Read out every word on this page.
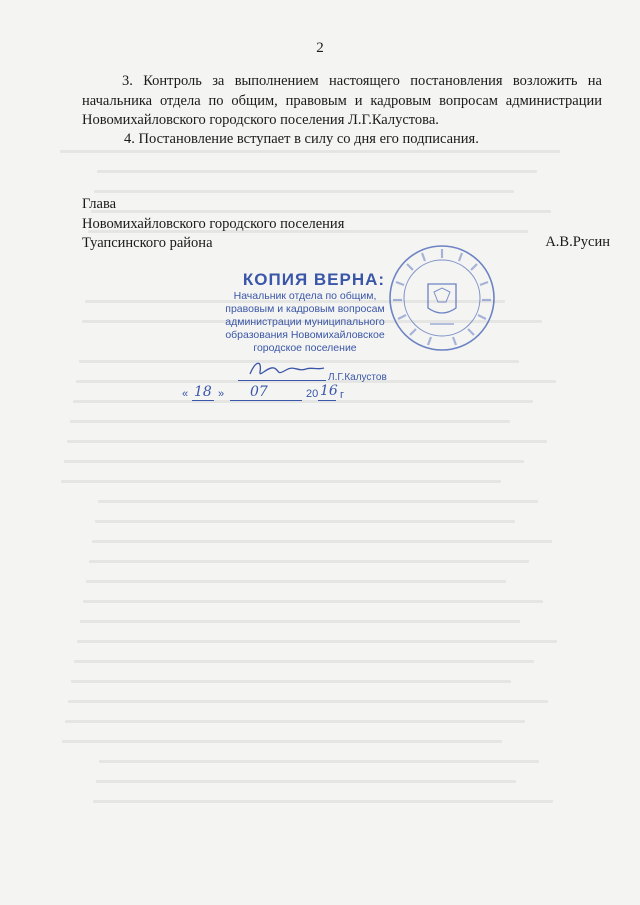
2

3. Контроль за выполнением настоящего постановления возложить на начальника отдела по общим, правовым и кадровым вопросам администрации Новомихайловского городского поселения Л.Г.Калустова.

4. Постановление вступает в силу со дня его подписания.

Глава
Новомихайловского городского поселения
Туапсинского района	А.В.Русин
КОПИЯ ВЕРНА:
Начальник отдела по общим,
правовым и кадровым вопросам
администрации муниципального
образования Новомихайловское
городское поселение
Л.Г.Калустов
« 18 » 07	20 16 г
